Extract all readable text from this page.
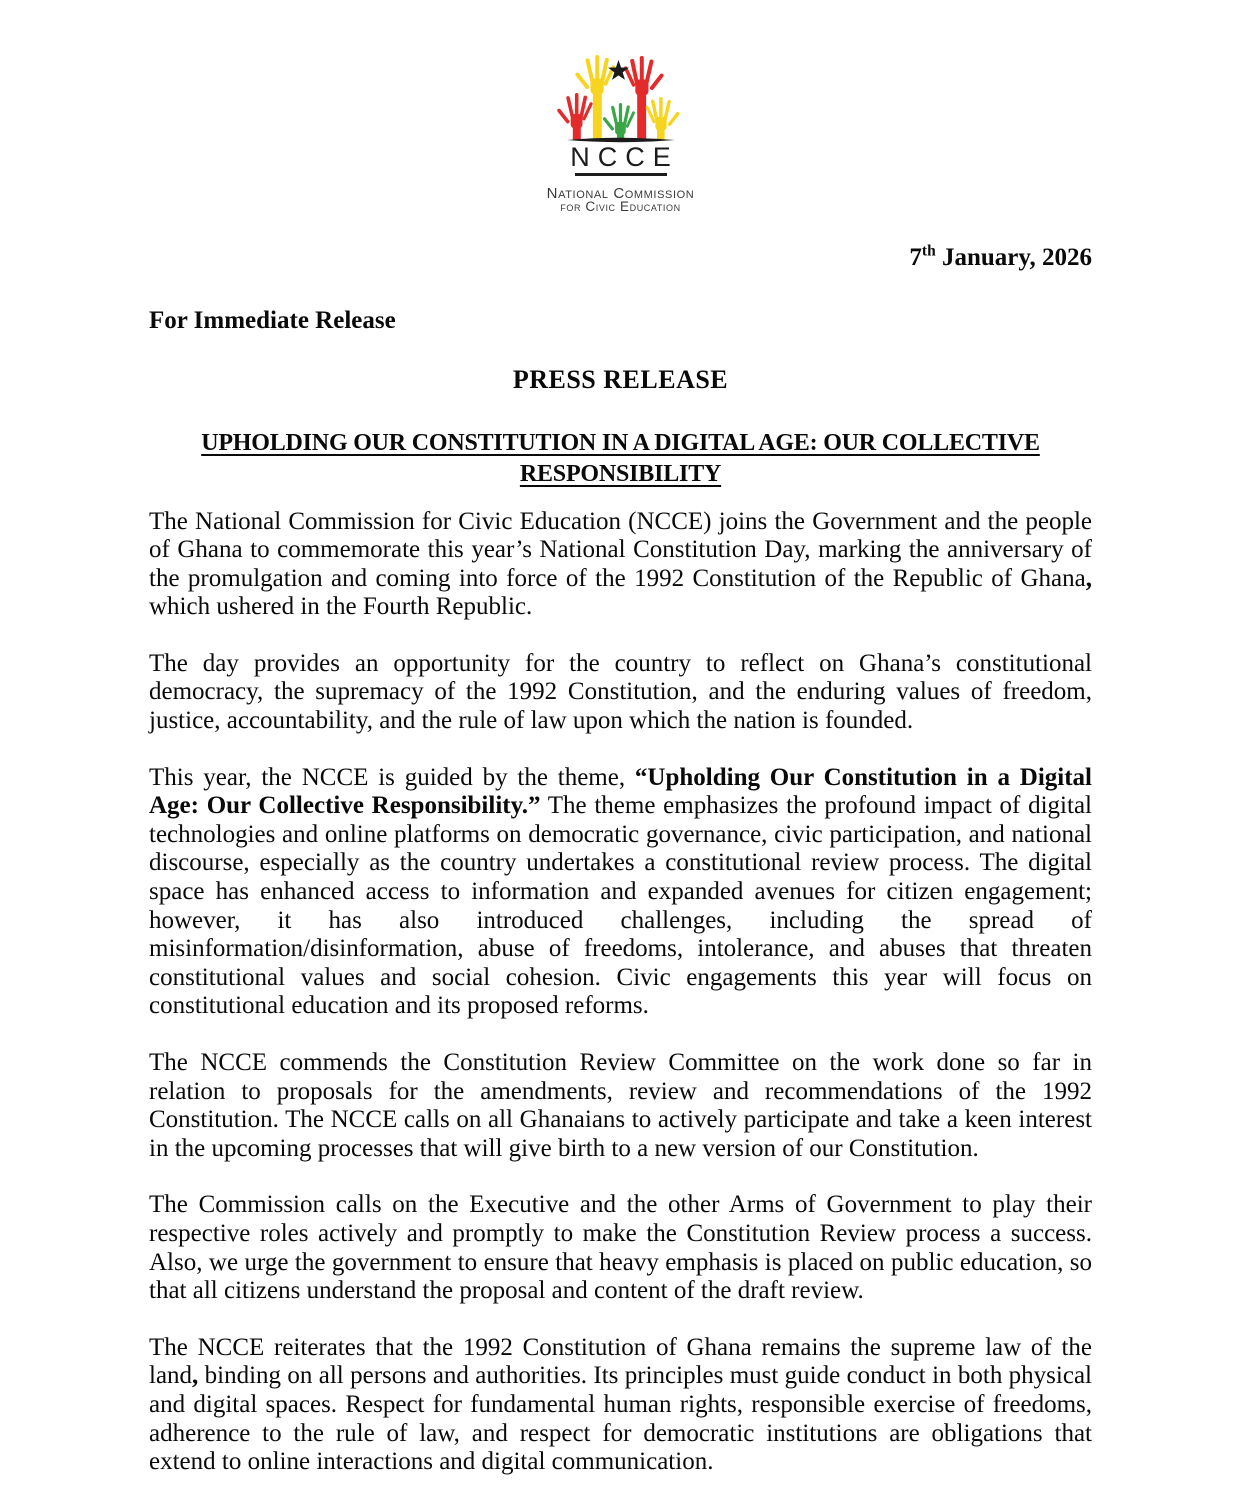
NCCE
National Commission
for Civic Education
7th January, 2026
For Immediate Release
PRESS RELEASE
UPHOLDING OUR CONSTITUTION IN A DIGITAL AGE: OUR COLLECTIVE
RESPONSIBILITY

The National Commission for Civic Education (NCCE) joins the Government and the people of Ghana to commemorate this year’s National Constitution Day, marking the anniversary of the promulgation and coming into force of the 1992 Constitution of the Republic of Ghana, which ushered in the Fourth Republic.

The day provides an opportunity for the country to reflect on Ghana’s constitutional democracy, the supremacy of the 1992 Constitution, and the enduring values of freedom, justice, accountability, and the rule of law upon which the nation is founded.

This year, the NCCE is guided by the theme, “Upholding Our Constitution in a Digital Age: Our Collective Responsibility.” The theme emphasizes the profound impact of digital technologies and online platforms on democratic governance, civic participation, and national discourse, especially as the country undertakes a constitutional review process. The digital space has enhanced access to information and expanded avenues for citizen engagement; however, it has also introduced challenges, including the spread of misinformation/disinformation, abuse of freedoms, intolerance, and abuses that threaten constitutional values and social cohesion. Civic engagements this year will focus on constitutional education and its proposed reforms.

The NCCE commends the Constitution Review Committee on the work done so far in relation to proposals for the amendments, review and recommendations of the 1992 Constitution. The NCCE calls on all Ghanaians to actively participate and take a keen interest in the upcoming processes that will give birth to a new version of our Constitution.

The Commission calls on the Executive and the other Arms of Government to play their respective roles actively and promptly to make the Constitution Review process a success. Also, we urge the government to ensure that heavy emphasis is placed on public education, so that all citizens understand the proposal and content of the draft review.

The NCCE reiterates that the 1992 Constitution of Ghana remains the supreme law of the land, binding on all persons and authorities. Its principles must guide conduct in both physical and digital spaces. Respect for fundamental human rights, responsible exercise of freedoms, adherence to the rule of law, and respect for democratic institutions are obligations that extend to online interactions and digital communication.
